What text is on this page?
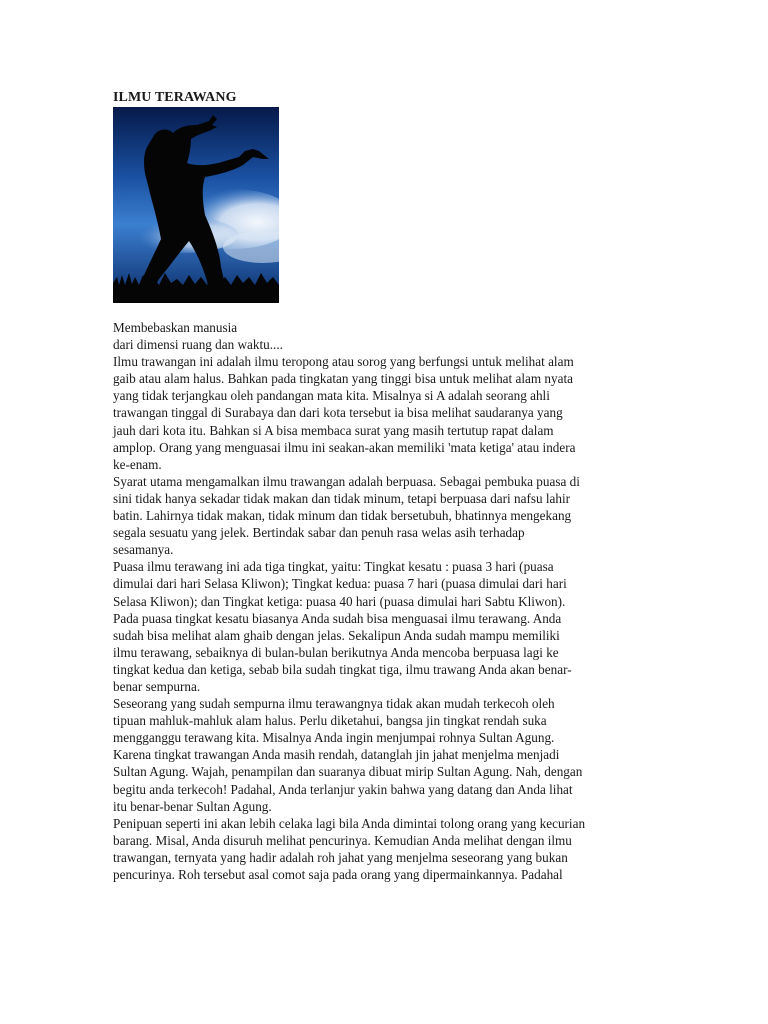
ILMU TERAWANG
Membebaskan manusia
dari dimensi ruang dan waktu....
Ilmu trawangan ini adalah ilmu teropong atau sorog yang berfungsi untuk melihat alam
gaib atau alam halus. Bahkan pada tingkatan yang tinggi bisa untuk melihat alam nyata
yang tidak terjangkau oleh pandangan mata kita. Misalnya si A adalah seorang ahli
trawangan tinggal di Surabaya dan dari kota tersebut ia bisa melihat saudaranya yang
jauh dari kota itu. Bahkan si A bisa membaca surat yang masih tertutup rapat dalam
amplop. Orang yang menguasai ilmu ini seakan-akan memiliki 'mata ketiga' atau indera
ke-enam.
Syarat utama mengamalkan ilmu trawangan adalah berpuasa. Sebagai pembuka puasa di
sini tidak hanya sekadar tidak makan dan tidak minum, tetapi berpuasa dari nafsu lahir
batin. Lahirnya tidak makan, tidak minum dan tidak bersetubuh, bhatinnya mengekang
segala sesuatu yang jelek. Bertindak sabar dan penuh rasa welas asih terhadap
sesamanya.
Puasa ilmu terawang ini ada tiga tingkat, yaitu: Tingkat kesatu : puasa 3 hari (puasa
dimulai dari hari Selasa Kliwon); Tingkat kedua: puasa 7 hari (puasa dimulai dari hari
Selasa Kliwon); dan Tingkat ketiga: puasa 40 hari (puasa dimulai hari Sabtu Kliwon).
Pada puasa tingkat kesatu biasanya Anda sudah bisa menguasai ilmu terawang. Anda
sudah bisa melihat alam ghaib dengan jelas. Sekalipun Anda sudah mampu memiliki
ilmu terawang, sebaiknya di bulan-bulan berikutnya Anda mencoba berpuasa lagi ke
tingkat kedua dan ketiga, sebab bila sudah tingkat tiga, ilmu trawang Anda akan benar-
benar sempurna.
Seseorang yang sudah sempurna ilmu terawangnya tidak akan mudah terkecoh oleh
tipuan mahluk-mahluk alam halus. Perlu diketahui, bangsa jin tingkat rendah suka
mengganggu terawang kita. Misalnya Anda ingin menjumpai rohnya Sultan Agung.
Karena tingkat trawangan Anda masih rendah, datanglah jin jahat menjelma menjadi
Sultan Agung. Wajah, penampilan dan suaranya dibuat mirip Sultan Agung. Nah, dengan
begitu anda terkecoh! Padahal, Anda terlanjur yakin bahwa yang datang dan Anda lihat
itu benar-benar Sultan Agung.
Penipuan seperti ini akan lebih celaka lagi bila Anda dimintai tolong orang yang kecurian
barang. Misal, Anda disuruh melihat pencurinya. Kemudian Anda melihat dengan ilmu
trawangan, ternyata yang hadir adalah roh jahat yang menjelma seseorang yang bukan
pencurinya. Roh tersebut asal comot saja pada orang yang dipermainkannya. Padahal
